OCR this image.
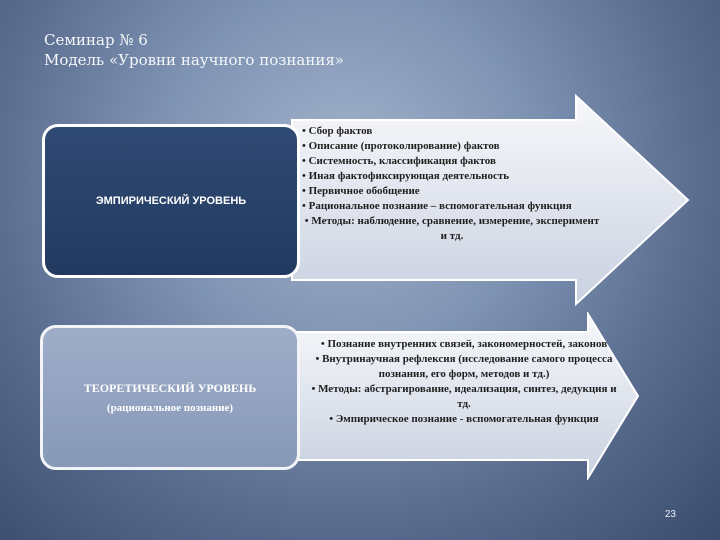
Семинар № 6
Модель «Уровни научного познания»
• Сбор фактов
• Описание (протоколирование) фактов
• Системность, классификация фактов
• Иная фактофиксирующая деятельность
• Первичное обобщение
• Рациональное познание – вспомогательная функция
• Методы: наблюдение, сравнение, измерение, эксперимент и тд.
• Познание внутренних связей, закономерностей, законов
• Внутринаучная рефлексия (исследование самого процесса познания, его форм, методов и тд.)
• Методы: абстрагирование, идеализация, синтез, дедукция и тд.
• Эмпирическое познание - вспомогательная функция
ЭМПИРИЧЕСКИЙ УРОВЕНЬ
ТЕОРЕТИЧЕСКИЙ УРОВЕНЬ
(рациональное познание)
23
